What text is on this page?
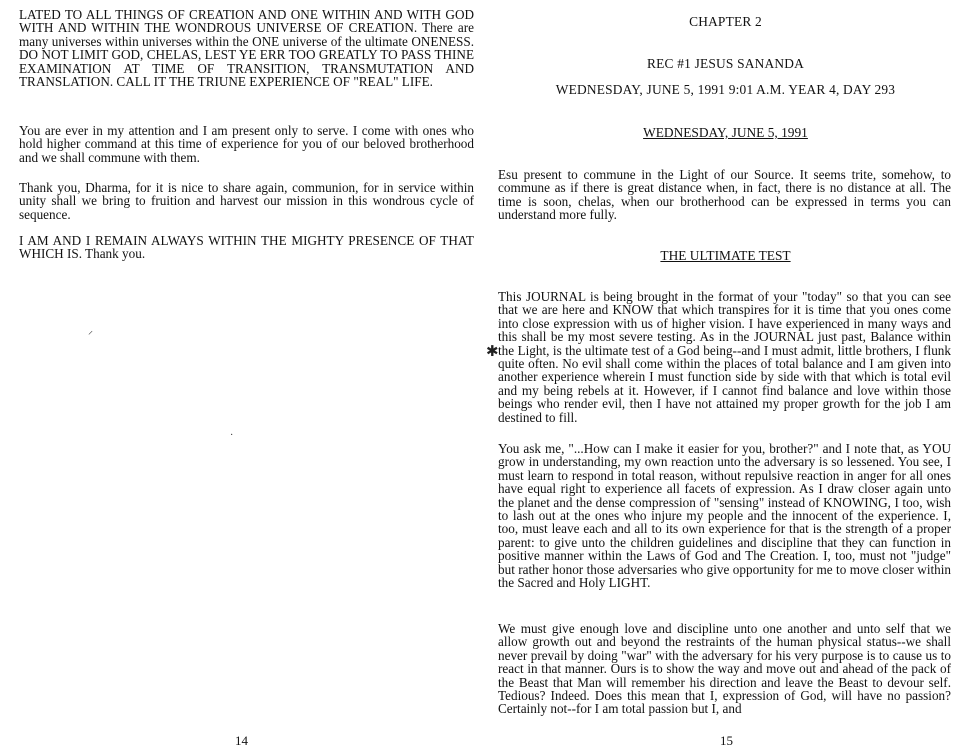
LATED TO ALL THINGS OF CREATION AND ONE WITHIN AND WITH GOD WITH AND WITHIN THE WONDROUS UNIVERSE OF CREATION. There are many universes within universes within the ONE universe of the ultimate ONENESS. DO NOT LIMIT GOD, CHELAS, LEST YE ERR TOO GREATLY TO PASS THINE EXAMINATION AT TIME OF TRANSITION, TRANSMUTATION AND TRANSLATION. CALL IT THE TRIUNE EXPERIENCE OF "REAL" LIFE.

You are ever in my attention and I am present only to serve. I come with ones who hold higher command at this time of experience for you of our beloved brotherhood and we shall commune with them.

Thank you, Dharma, for it is nice to share again, communion, for in service within unity shall we bring to fruition and harvest our mission in this wondrous cycle of sequence.

I AM AND I REMAIN ALWAYS WITHIN THE MIGHTY PRESENCE OF THAT WHICH IS. Thank you.

⸍
·
14

CHAPTER 2

REC #1 JESUS SANANDA

WEDNESDAY, JUNE 5, 1991 9:01 A.M. YEAR 4, DAY 293

WEDNESDAY, JUNE 5, 1991

Esu present to commune in the Light of our Source. It seems trite, somehow, to commune as if there is great distance when, in fact, there is no distance at all. The time is soon, chelas, when our brotherhood can be expressed in terms you can understand more fully.

THE ULTIMATE TEST

This JOURNAL is being brought in the format of your "today" so that you can see that we are here and KNOW that which transpires for it is time that you ones come into close expression with us of higher vision. I have experienced in many ways and this shall be my most severe testing. As in the JOURNAL just past, Balance within the Light, is the ultimate test of a God being--and I must admit, little brothers, I flunk quite often. No evil shall come within the places of total balance and I am given into another experience wherein I must function side by side with that which is total evil and my being rebels at it. However, if I cannot find balance and love within those beings who render evil, then I have not attained my proper growth for the job I am destined to fill.

You ask me, "...How can I make it easier for you, brother?" and I note that, as YOU grow in understanding, my own reaction unto the adversary is so lessened. You see, I must learn to respond in total reason, without repulsive reaction in anger for all ones have equal right to experience all facets of expression. As I draw closer again unto the planet and the dense compression of "sensing" instead of KNOWING, I too, wish to lash out at the ones who injure my people and the innocent of the experience. I, too, must leave each and all to its own experience for that is the strength of a proper parent: to give unto the children guidelines and discipline that they can function in positive manner within the Laws of God and The Creation. I, too, must not "judge" but rather honor those adversaries who give opportunity for me to move closer within the Sacred and Holy LIGHT.

We must give enough love and discipline unto one another and unto self that we allow growth out and beyond the restraints of the human physical status--we shall never prevail by doing "war" with the adversary for his very purpose is to cause us to react in that manner. Ours is to show the way and move out and ahead of the pack of the Beast that Man will remember his direction and leave the Beast to devour self. Tedious? Indeed. Does this mean that I, expression of God, will have no passion? Certainly not--for I am total passion but I, and

✱
15
